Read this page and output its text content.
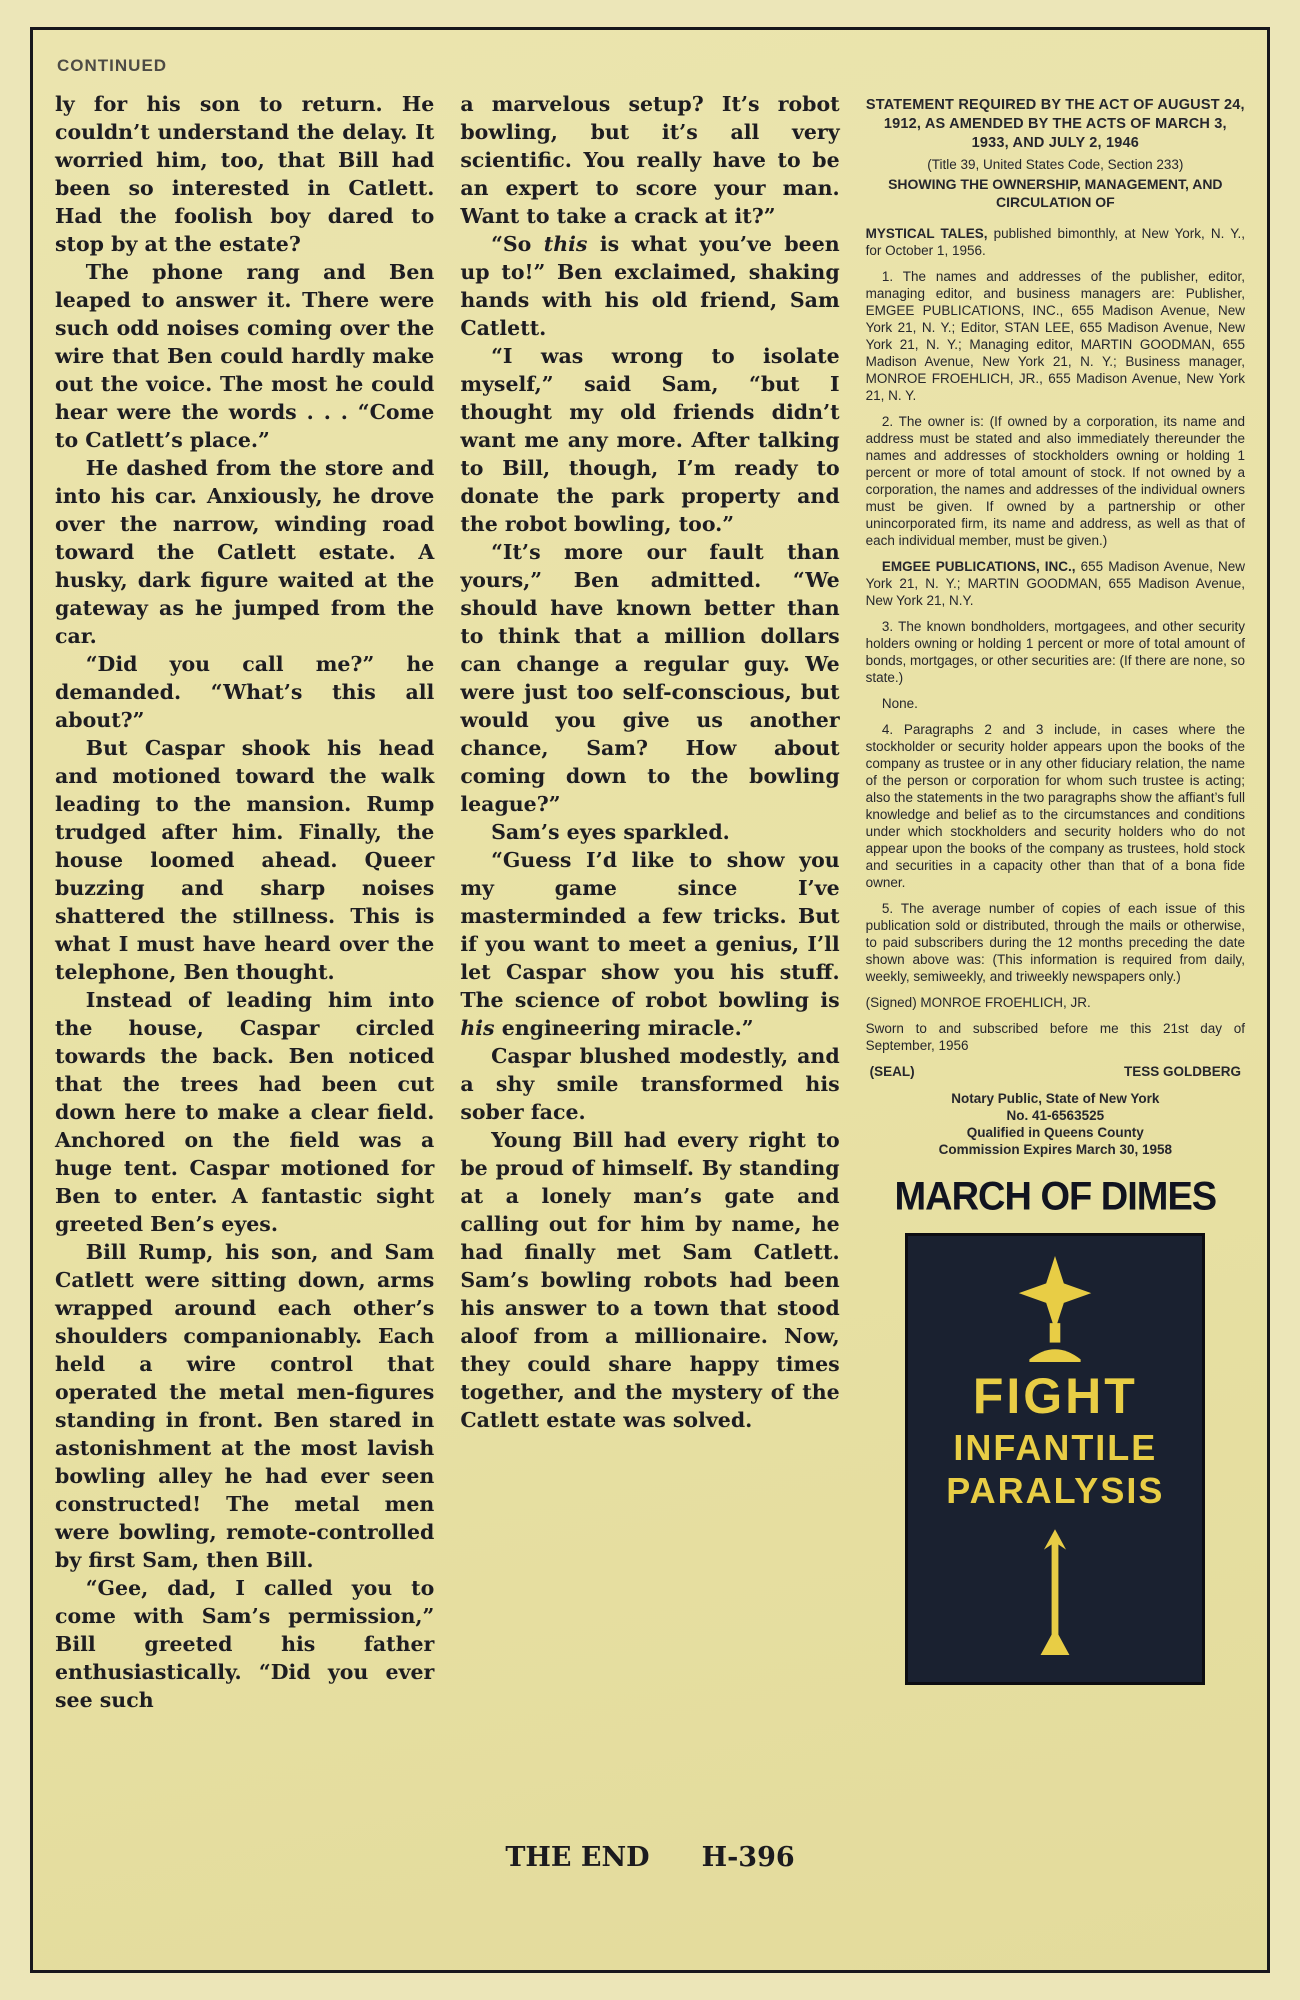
CONTINUED

ly for his son to return. He couldn’t understand the delay. It worried him, too, that Bill had been so interested in Catlett. Had the foolish boy dared to stop by at the estate?

The phone rang and Ben leaped to answer it. There were such odd noises coming over the wire that Ben could hardly make out the voice. The most he could hear were the words . . . “Come to Catlett’s place.”

He dashed from the store and into his car. Anxiously, he drove over the narrow, winding road toward the Catlett estate. A husky, dark figure waited at the gateway as he jumped from the car.

“Did you call me?” he demanded. “What’s this all about?”

But Caspar shook his head and motioned toward the walk leading to the mansion. Rump trudged after him. Finally, the house loomed ahead. Queer buzzing and sharp noises shattered the stillness. This is what I must have heard over the telephone, Ben thought.

Instead of leading him into the house, Caspar circled towards the back. Ben noticed that the trees had been cut down here to make a clear field. Anchored on the field was a huge tent. Caspar motioned for Ben to enter. A fantastic sight greeted Ben’s eyes.

Bill Rump, his son, and Sam Catlett were sitting down, arms wrapped around each other’s shoulders companionably. Each held a wire control that operated the metal men-figures standing in front. Ben stared in astonishment at the most lavish bowling alley he had ever seen constructed! The metal men were bowling, remote-controlled by first Sam, then Bill.

“Gee, dad, I called you to come with Sam’s permission,” Bill greeted his father enthusiastically. “Did you ever see such

a marvelous setup? It’s robot bowling, but it’s all very scientific. You really have to be an expert to score your man. Want to take a crack at it?”

“So this is what you’ve been up to!” Ben exclaimed, shaking hands with his old friend, Sam Catlett.

“I was wrong to isolate myself,” said Sam, “but I thought my old friends didn’t want me any more. After talking to Bill, though, I’m ready to donate the park property and the robot bowling, too.”

“It’s more our fault than yours,” Ben admitted. “We should have known better than to think that a million dollars can change a regular guy. We were just too self-conscious, but would you give us another chance, Sam? How about coming down to the bowling league?”

Sam’s eyes sparkled.

“Guess I’d like to show you my game since I’ve masterminded a few tricks. But if you want to meet a genius, I’ll let Caspar show you his stuff. The science of robot bowling is his engineering miracle.”

Caspar blushed modestly, and a shy smile transformed his sober face.

Young Bill had every right to be proud of himself. By standing at a lonely man’s gate and calling out for him by name, he had finally met Sam Catlett. Sam’s bowling robots had been his answer to a town that stood aloof from a millionaire. Now, they could share happy times together, and the mystery of the Catlett estate was solved.

THE END H-396

STATEMENT REQUIRED BY THE ACT OF AUGUST 24, 1912, AS AMENDED BY THE ACTS OF MARCH 3, 1933, AND JULY 2, 1946

(Title 39, United States Code, Section 233)

SHOWING THE OWNERSHIP, MANAGEMENT, AND CIRCULATION OF

MYSTICAL TALES, published bimonthly, at New York, N. Y., for October 1, 1956.

1. The names and addresses of the publisher, editor, managing editor, and business managers are: Publisher, EMGEE PUBLICATIONS, INC., 655 Madison Avenue, New York 21, N. Y.; Editor, STAN LEE, 655 Madison Avenue, New York 21, N. Y.; Managing editor, MARTIN GOODMAN, 655 Madison Avenue, New York 21, N. Y.; Business manager, MONROE FROEHLICH, JR., 655 Madison Avenue, New York 21, N. Y.

2. The owner is: (If owned by a corporation, its name and address must be stated and also immediately thereunder the names and addresses of stockholders owning or holding 1 percent or more of total amount of stock. If not owned by a corporation, the names and addresses of the individual owners must be given. If owned by a partnership or other unincorporated firm, its name and address, as well as that of each individual member, must be given.)

EMGEE PUBLICATIONS, INC., 655 Madison Avenue, New York 21, N. Y.; MARTIN GOODMAN, 655 Madison Avenue, New York 21, N.Y.

3. The known bondholders, mortgagees, and other security holders owning or holding 1 percent or more of total amount of bonds, mortgages, or other securities are: (If there are none, so state.)

None.

4. Paragraphs 2 and 3 include, in cases where the stockholder or security holder appears upon the books of the company as trustee or in any other fiduciary relation, the name of the person or corporation for whom such trustee is acting; also the statements in the two paragraphs show the affiant’s full knowledge and belief as to the circumstances and conditions under which stockholders and security holders who do not appear upon the books of the company as trustees, hold stock and securities in a capacity other than that of a bona fide owner.

5. The average number of copies of each issue of this publication sold or distributed, through the mails or otherwise, to paid subscribers during the 12 months preceding the date shown above was: (This information is required from daily, weekly, semiweekly, and triweekly newspapers only.)

(Signed) MONROE FROEHLICH, JR.

Sworn to and subscribed before me this 21st day of September, 1956

(SEAL)	TESS GOLDBERG
Notary Public, State of New York
No. 41-6563525
Qualified in Queens County
Commission Expires March 30, 1958
MARCH OF DIMES
FIGHT
INFANTILE
PARALYSIS
